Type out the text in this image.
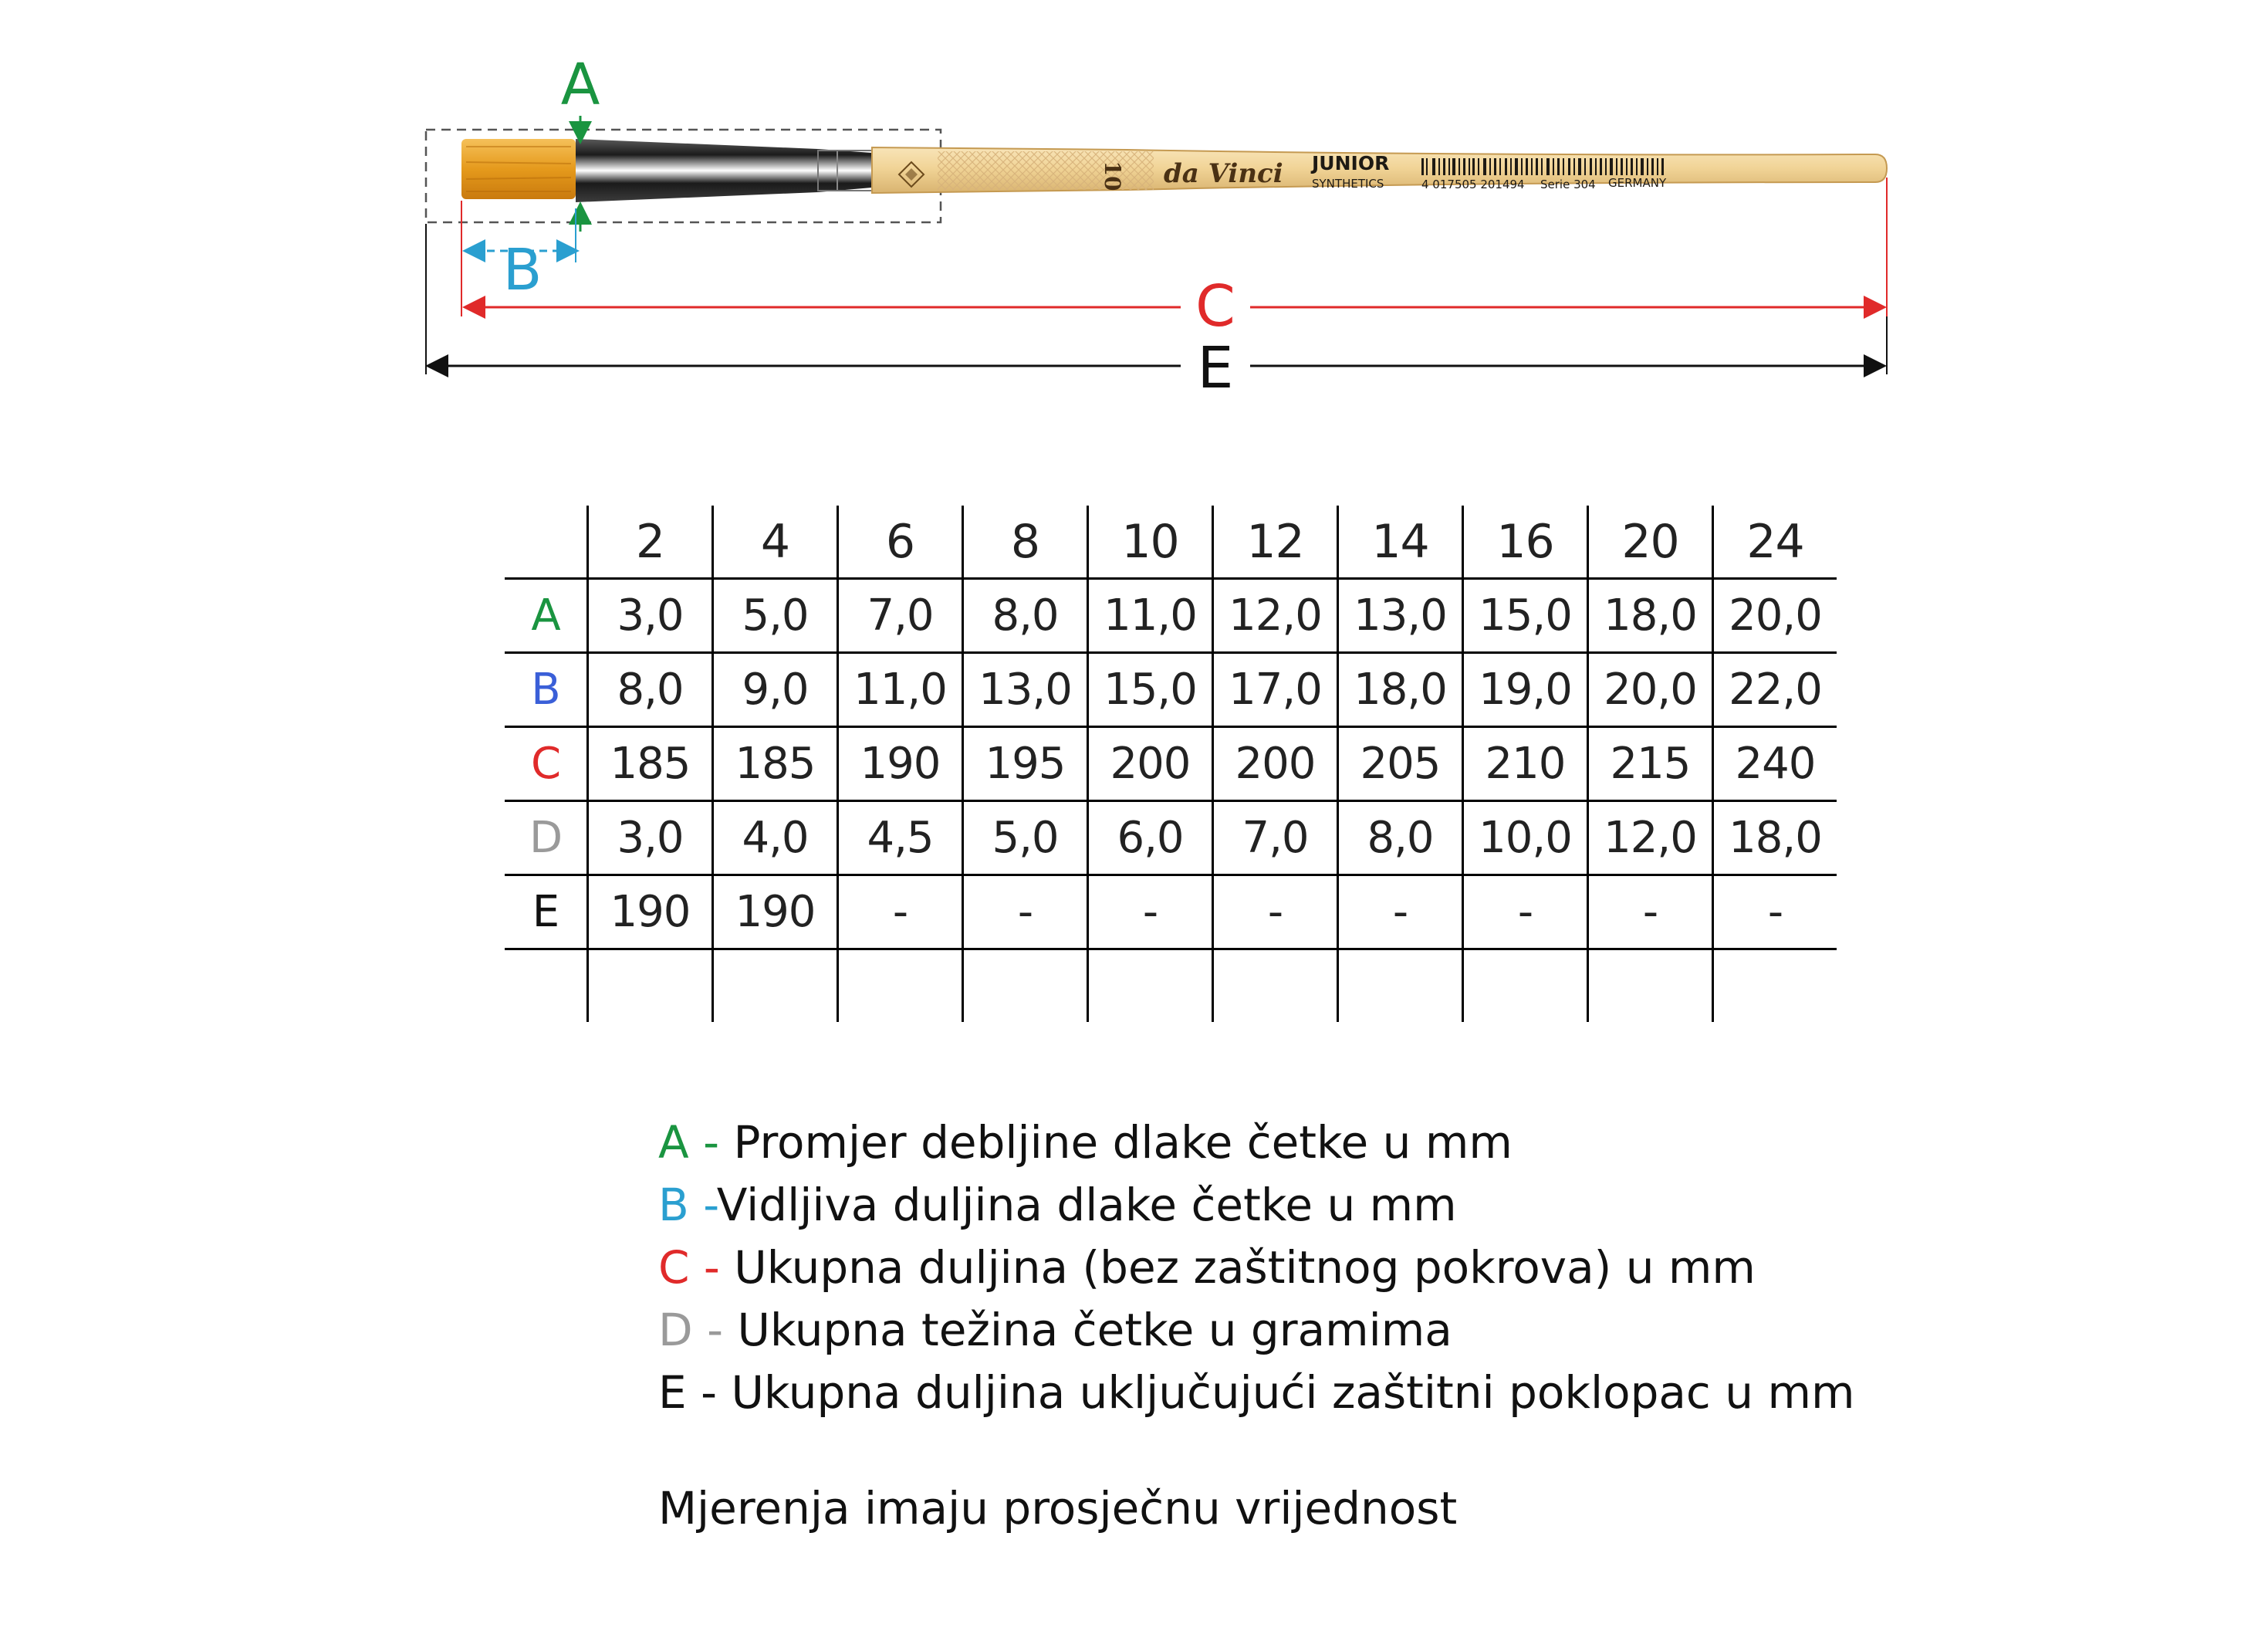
10 da Vinci JUNIOR
SYNTHETICS	4 017505 201494 Serie 304 GERMANY
A
B
C
E
	2	4	6	8	10	12	14	16	20	24
A	3,0	5,0	7,0	8,0	11,0	12,0	13,0	15,0	18,0	20,0
B	8,0	9,0	11,0	13,0	15,0	17,0	18,0	19,0	20,0	22,0
C	185	185	190	195	200	200	205	210	215	240
D	3,0	4,0	4,5	5,0	6,0	7,0	8,0	10,0	12,0	18,0
E	190	190	-	-	-	-	-	-	-	-

A - Promjer debljine dlake četke u mm
B -Vidljiva duljina dlake četke u mm
C - Ukupna duljina (bez zaštitnog pokrova) u mm
D - Ukupna težina četke u gramima
E - Ukupna duljina uključujući zaštitni poklopac u mm
Mjerenja imaju prosječnu vrijednost
